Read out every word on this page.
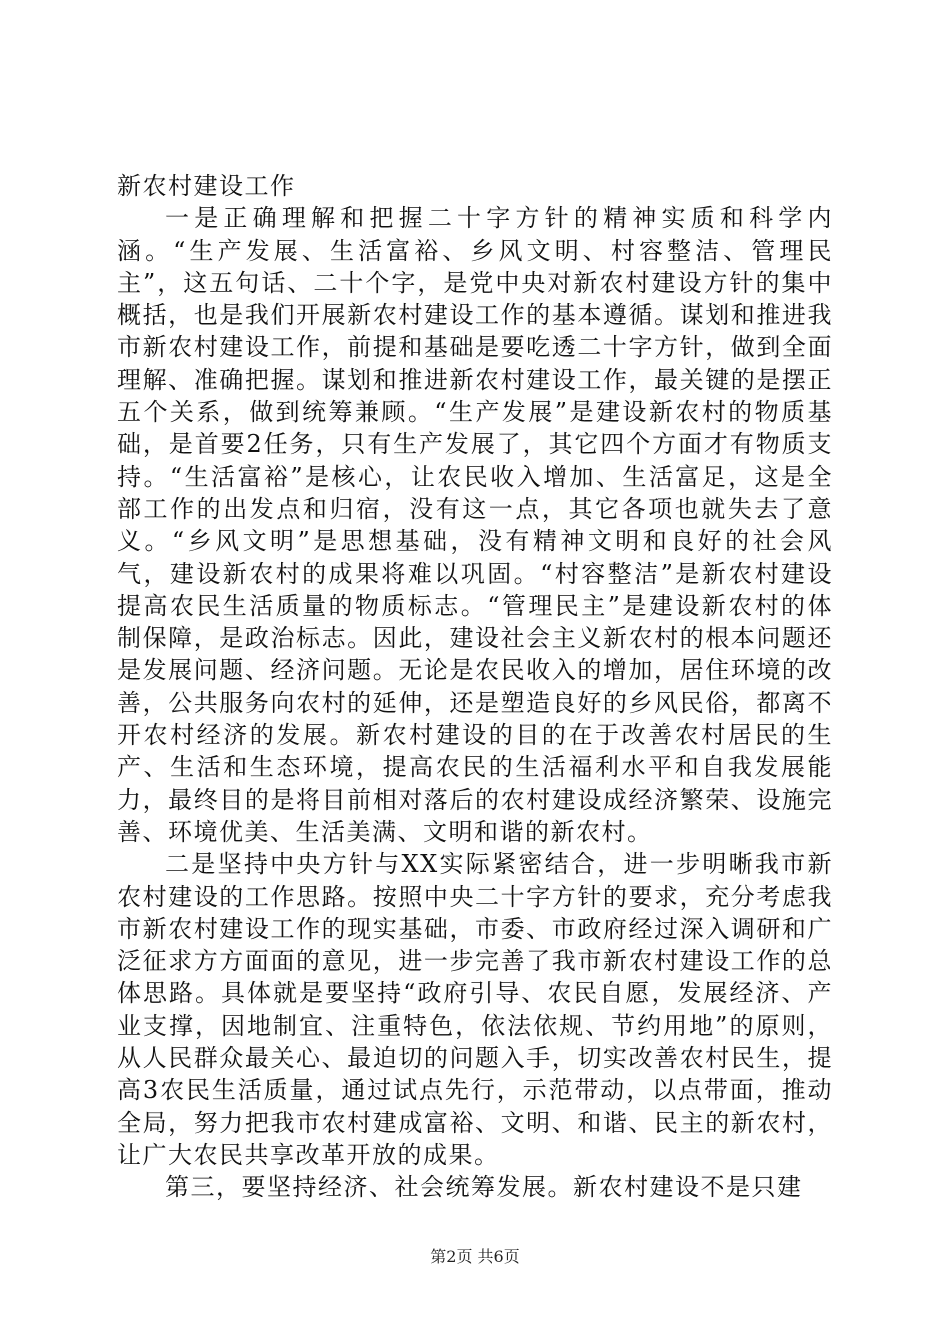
新农村建设工作

一是正确理解和把握二十字方针的精神实质和科学内涵。“生产发展、生活富裕、乡风文明、村容整洁、管理民主”，这五句话、二十个字，是党中央对新农村建设方针的集中概括，也是我们开展新农村建设工作的基本遵循。谋划和推进我市新农村建设工作，前提和基础是要吃透二十字方针，做到全面理解、准确把握。谋划和推进新农村建设工作，最关键的是摆正五个关系，做到统筹兼顾。“生产发展”是建设新农村的物质基础，是首要2任务，只有生产发展了，其它四个方面才有物质支持。“生活富裕”是核心，让农民收入增加、生活富足，这是全部工作的出发点和归宿，没有这一点，其它各项也就失去了意义。“乡风文明”是思想基础，没有精神文明和良好的社会风气，建设新农村的成果将难以巩固。“村容整洁”是新农村建设提高农民生活质量的物质标志。“管理民主”是建设新农村的体制保障，是政治标志。因此，建设社会主义新农村的根本问题还是发展问题、经济问题。无论是农民收入的增加，居住环境的改善，公共服务向农村的延伸，还是塑造良好的乡风民俗，都离不开农村经济的发展。新农村建设的目的在于改善农村居民的生产、生活和生态环境，提高农民的生活福利水平和自我发展能力，最终目的是将目前相对落后的农村建设成经济繁荣、设施完善、环境优美、生活美满、文明和谐的新农村。

二是坚持中央方针与XX实际紧密结合，进一步明晰我市新农村建设的工作思路。按照中央二十字方针的要求，充分考虑我市新农村建设工作的现实基础，市委、市政府经过深入调研和广泛征求方方面面的意见，进一步完善了我市新农村建设工作的总体思路。具体就是要坚持“政府引导、农民自愿，发展经济、产业支撑，因地制宜、注重特色，依法依规、节约用地”的原则，从人民群众最关心、最迫切的问题入手，切实改善农村民生，提高3农民生活质量，通过试点先行，示范带动，以点带面，推动全局，努力把我市农村建成富裕、文明、和谐、民主的新农村，让广大农民共享改革开放的成果。

第三，要坚持经济、社会统筹发展。新农村建设不是只建

第2页 共6页
